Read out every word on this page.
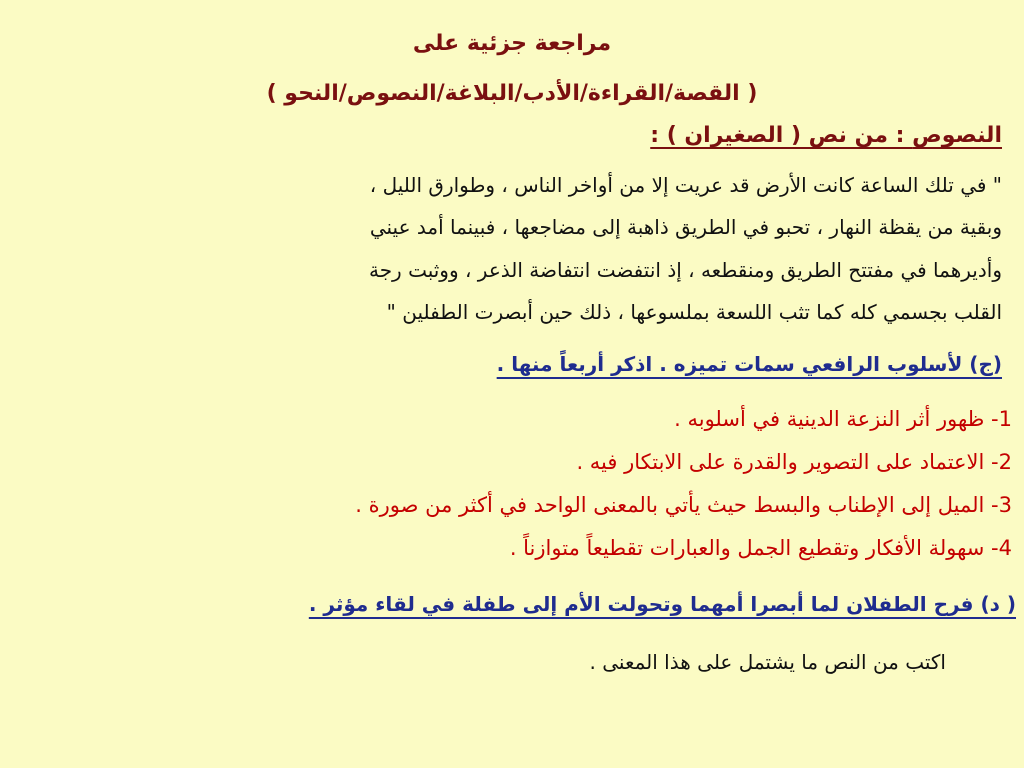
مراجعة جزئية على

( القصة/القراءة/الأدب/البلاغة/النصوص/النحو )

النصوص : من نص ( الصغيران ) :

" في تلك الساعة كانت الأرض قد عريت إلا من أواخر الناس ، وطوارق الليل ،

وبقية من يقظة النهار ، تحبو في الطريق ذاهبة إلى مضاجعها ، فبينما أمد عيني

وأديرهما في مفتتح الطريق ومنقطعه ، إذ انتفضت انتفاضة الذعر ، ووثبت رجة

القلب بجسمي كله كما تثب اللسعة بملسوعها ، ذلك حين أبصرت الطفلين "

(ج) لأسلوب الرافعي سمات تميزه . اذكر أربعاً منها .

1- ظهور أثر النزعة الدينية في أسلوبه .

2- الاعتماد على التصوير والقدرة على الابتكار فيه .

3- الميل إلى الإطناب والبسط حيث يأتي بالمعنى الواحد في أكثر من صورة .

4- سهولة الأفكار وتقطيع الجمل والعبارات تقطيعاً متوازناً .

( د) فرح الطفلان لما أبصرا أمهما وتحولت الأم إلى طفلة في لقاء مؤثر .

اكتب من النص ما يشتمل على هذا المعنى .
